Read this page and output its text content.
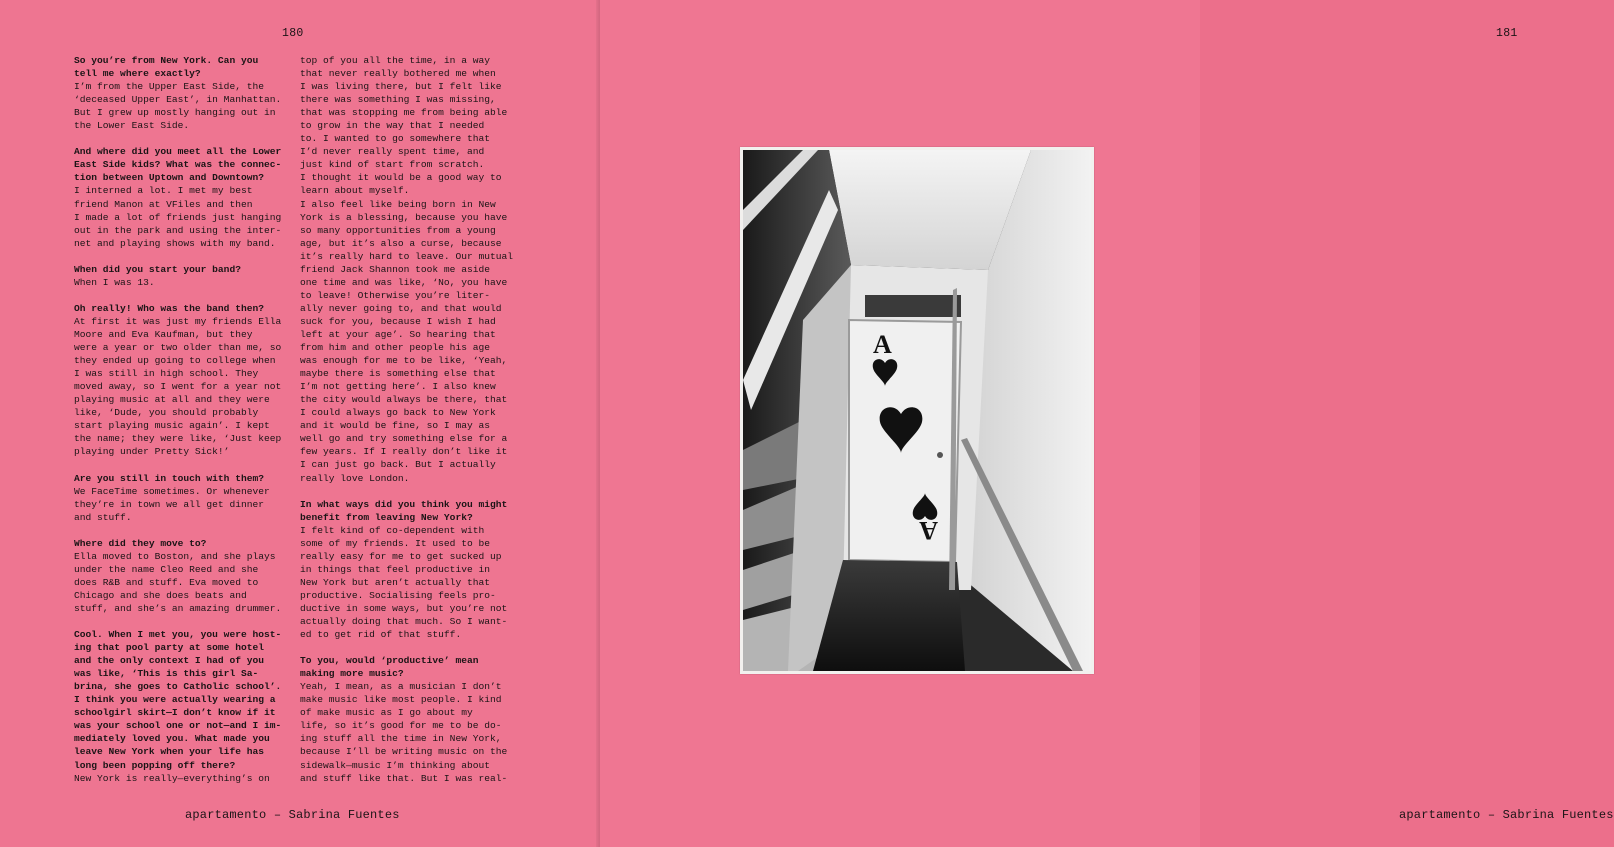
180
So you’re from New York. Can you
tell me where exactly?
I’m from the Upper East Side, the
‘deceased Upper East’, in Manhattan.
But I grew up mostly hanging out in
the Lower East Side.
And where did you meet all the Lower
East Side kids? What was the connec-
tion between Uptown and Downtown?
I interned a lot. I met my best
friend Manon at VFiles and then
I made a lot of friends just hanging
out in the park and using the inter-
net and playing shows with my band.
When did you start your band?
When I was 13.
Oh really! Who was the band then?
At first it was just my friends Ella
Moore and Eva Kaufman, but they
were a year or two older than me, so
they ended up going to college when
I was still in high school. They
moved away, so I went for a year not
playing music at all and they were
like, ‘Dude, you should probably
start playing music again’. I kept
the name; they were like, ‘Just keep
playing under Pretty Sick!’
Are you still in touch with them?
We FaceTime sometimes. Or whenever
they’re in town we all get dinner
and stuff.
Where did they move to?
Ella moved to Boston, and she plays
under the name Cleo Reed and she
does R&B and stuff. Eva moved to
Chicago and she does beats and
stuff, and she’s an amazing drummer.
Cool. When I met you, you were host-
ing that pool party at some hotel
and the only context I had of you
was like, ‘This is this girl Sa-
brina, she goes to Catholic school’.
I think you were actually wearing a
schoolgirl skirt—I don’t know if it
was your school one or not—and I im-
mediately loved you. What made you
leave New York when your life has
long been popping off there?
New York is really—everything’s on
top of you all the time, in a way
that never really bothered me when
I was living there, but I felt like
there was something I was missing,
that was stopping me from being able
to grow in the way that I needed
to. I wanted to go somewhere that
I’d never really spent time, and
just kind of start from scratch.
I thought it would be a good way to
learn about myself.
I also feel like being born in New
York is a blessing, because you have
so many opportunities from a young
age, but it’s also a curse, because
it’s really hard to leave. Our mutual
friend Jack Shannon took me aside
one time and was like, ‘No, you have
to leave! Otherwise you’re liter-
ally never going to, and that would
suck for you, because I wish I had
left at your age’. So hearing that
from him and other people his age
was enough for me to be like, ‘Yeah,
maybe there is something else that
I’m not getting here’. I also knew
the city would always be there, that
I could always go back to New York
and it would be fine, so I may as
well go and try something else for a
few years. If I really don’t like it
I can just go back. But I actually
really love London.
In what ways did you think you might
benefit from leaving New York?
I felt kind of co-dependent with
some of my friends. It used to be
really easy for me to get sucked up
in things that feel productive in
New York but aren’t actually that
productive. Socialising feels pro-
ductive in some ways, but you’re not
actually doing that much. So I want-
ed to get rid of that stuff.
To you, would ‘productive’ mean
making more music?
Yeah, I mean, as a musician I don’t
make music like most people. I kind
of make music as I go about my
life, so it’s good for me to be do-
ing stuff all the time in New York,
because I’ll be writing music on the
sidewalk—music I’m thinking about
and stuff like that. But I was real-
apartamento – Sabrina Fuentes
181
apartamento – Sabrina Fuentes
A
A
